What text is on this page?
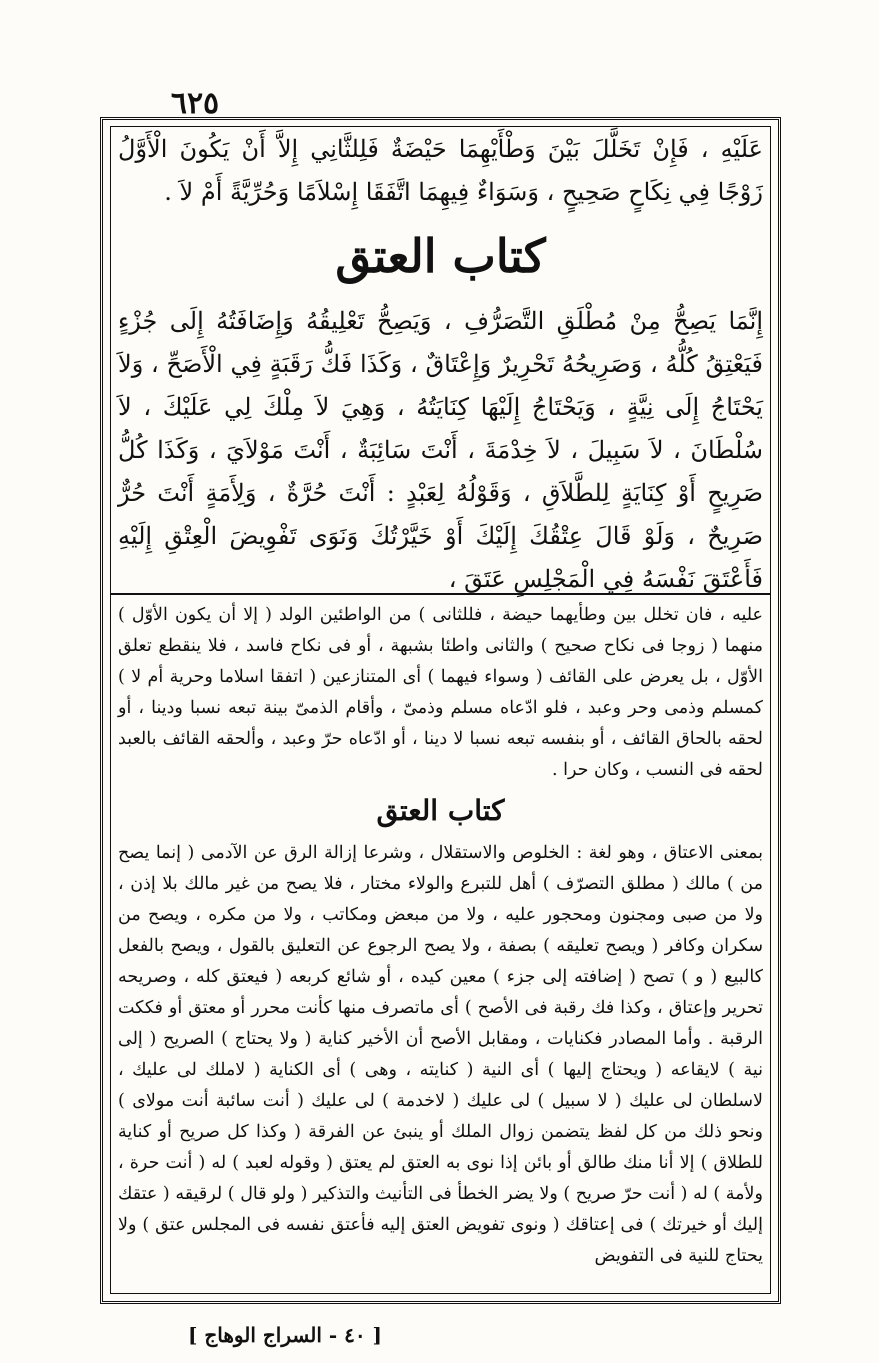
٦٢٥

عَلَيْهِ ، فَإِنْ تَخَلَّلَ بَيْنَ وَطْأَيْهِمَا حَيْضَةٌ فَلِلثَّانِي إِلاَّ أَنْ يَكُونَ الْأَوَّلُ زَوْجًا فِي نِكَاحٍ صَحِيحٍ ، وَسَوَاءٌ فِيهِمَا اتَّفَقَا إِسْلاَمًا وَحُرِّيَّةً أَمْ لاَ .

كتاب العتق

إِنَّمَا يَصِحُّ مِنْ مُطْلَقِ التَّصَرُّفِ ، وَيَصِحُّ تَعْلِيقُهُ وَإِضَافَتُهُ إِلَى جُزْءٍ فَيَعْتِقُ كُلُّهُ ، وَصَرِيحُهُ تَحْرِيرٌ وَإِعْتَاقٌ ، وَكَذَا فَكُّ رَقَبَةٍ فِي الْأَصَحِّ ، وَلاَ يَحْتَاجُ إِلَى نِيَّةٍ ، وَيَحْتَاجُ إِلَيْهَا كِنَايَتُهُ ، وَهِيَ لاَ مِلْكَ لِي عَلَيْكَ ، لاَ سُلْطَانَ ، لاَ سَبِيلَ ، لاَ خِدْمَةَ ، أَنْتَ سَائِبَةٌ ، أَنْتَ مَوْلاَيَ ، وَكَذَا كُلُّ صَرِيحٍ أَوْ كِنَايَةٍ لِلطَّلاَقِ ، وَقَوْلُهُ لِعَبْدٍ : أَنْتَ حُرَّةٌ ، وَلِأَمَةٍ أَنْتَ حُرٌّ صَرِيحٌ ، وَلَوْ قَالَ عِتْقُكَ إِلَيْكَ أَوْ خَيَّرْتُكَ وَنَوَى تَفْوِيضَ الْعِتْقِ إِلَيْهِ فَأَعْتَقَ نَفْسَهُ فِي الْمَجْلِسِ عَتَقَ ،

عليه ، فان تخلل بين وطأيهما حيضة ، فللثانى ) من الواطئين الولد ( إلا أن يكون الأوّل ) منهما ( زوجا فى نكاح صحيح ) والثانى واطئا بشبهة ، أو فى نكاح فاسد ، فلا ينقطع تعلق الأوّل ، بل يعرض على القائف ( وسواء فيهما ) أى المتنازعين ( اتفقا اسلاما وحرية أم لا ) كمسلم وذمى وحر وعبد ، فلو ادّعاه مسلم وذمىّ ، وأقام الذمىّ بينة تبعه نسبا ودينا ، أو لحقه بالحاق القائف ، أو بنفسه تبعه نسبا لا دينا ، أو ادّعاه حرّ وعبد ، وألحقه القائف بالعبد لحقه فى النسب ، وكان حرا .

كتاب العتق

بمعنى الاعتاق ، وهو لغة : الخلوص والاستقلال ، وشرعا إزالة الرق عن الآدمى ( إنما يصح من ) مالك ( مطلق التصرّف ) أهل للتبرع والولاء مختار ، فلا يصح من غير مالك بلا إذن ، ولا من صبى ومجنون ومحجور عليه ، ولا من مبعض ومكاتب ، ولا من مكره ، ويصح من سكران وكافر ( ويصح تعليقه ) بصفة ، ولا يصح الرجوع عن التعليق بالقول ، ويصح بالفعل كالبيع ( و ) تصح ( إضافته إلى جزء ) معين كيده ، أو شائع كربعه ( فيعتق كله ، وصريحه تحرير وإعتاق ، وكذا فك رقبة فى الأصح ) أى ماتصرف منها كأنت محرر أو معتق أو فككت الرقبة . وأما المصادر فكنايات ، ومقابل الأصح أن الأخير كناية ( ولا يحتاج ) الصريح ( إلى نية ) لايقاعه ( ويحتاج إليها ) أى النية ( كنايته ، وهى ) أى الكناية ( لاملك لى عليك ، لاسلطان لى عليك ( لا سبيل ) لى عليك ( لاخدمة ) لى عليك ( أنت سائبة أنت مولاى ) ونحو ذلك من كل لفظ يتضمن زوال الملك أو ينبئ عن الفرقة ( وكذا كل صريح أو كناية للطلاق ) إلا أنا منك طالق أو بائن إذا نوى به العتق لم يعتق ( وقوله لعبد ) له ( أنت حرة ، ولأمة ) له ( أنت حرّ صريح ) ولا يضر الخطأ فى التأنيث والتذكير ( ولو قال ) لرقيقه ( عتقك إليك أو خيرتك ) فى إعتاقك ( ونوى تفويض العتق إليه فأعتق نفسه فى المجلس عتق ) ولا يحتاج للنية فى التفويض

[ ٤٠ - السراج الوهاج ]
